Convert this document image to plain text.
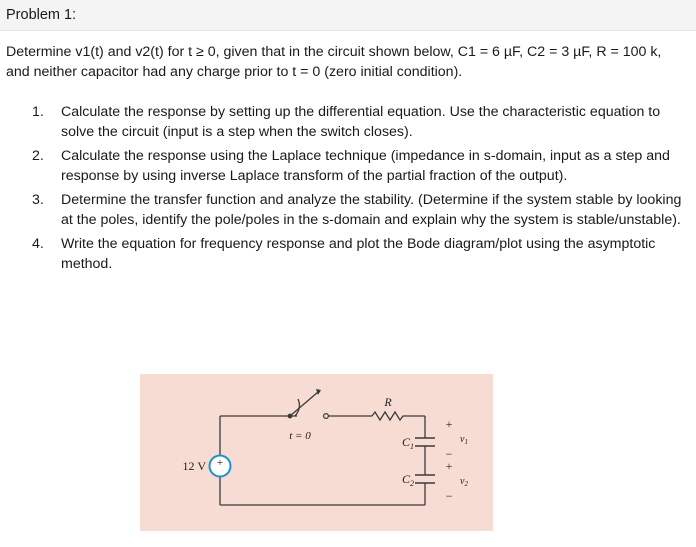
Problem 1:

Determine v1(t) and v2(t) for t ≥ 0, given that in the circuit shown below, C1 = 6 µF, C2 = 3 µF, R = 100 k, and neither capacitor had any charge prior to t = 0 (zero initial condition).

1. Calculate the response by setting up the differential equation. Use the characteristic equation to solve the circuit (input is a step when the switch closes).
2. Calculate the response using the Laplace technique (impedance in s-domain, input as a step and response by using inverse Laplace transform of the partial fraction of the output).
3. Determine the transfer function and analyze the stability. (Determine if the system stable by looking at the poles, identify the pole/poles in the s-domain and explain why the system is stable/unstable).
4. Write the equation for frequency response and plot the Bode diagram/plot using the asymptotic method.
+
12 V
t = 0
R
$C_1$
$C_2$
+
$v_1$
−
+
$v_2$
−
